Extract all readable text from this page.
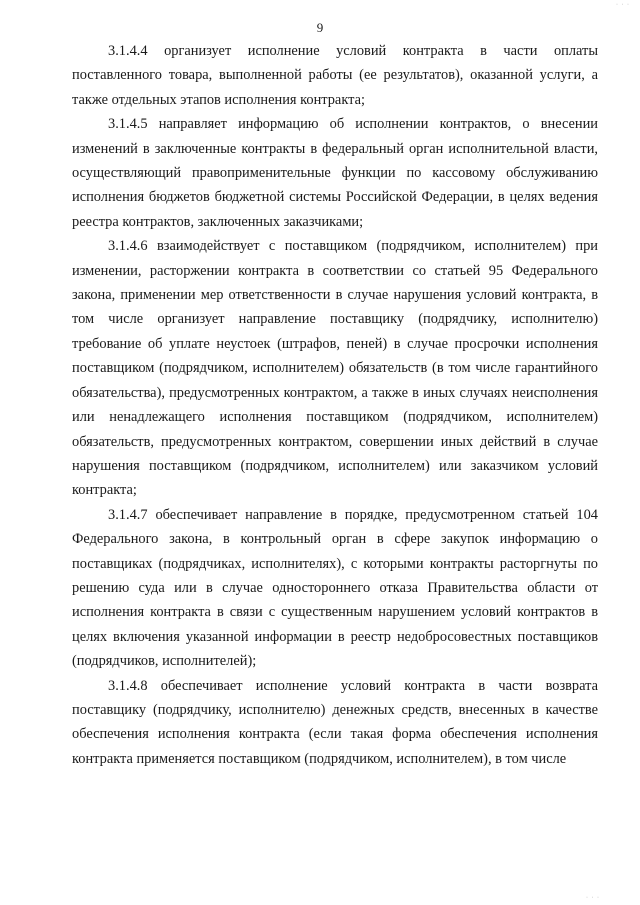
· · ·
9

3.1.4.4 организует исполнение условий контракта в части оплаты поставленного товара, выполненной работы (ее результатов), оказанной услуги, а также отдельных этапов исполнения контракта;

3.1.4.5 направляет информацию об исполнении контрактов, о внесении изменений в заключенные контракты в федеральный орган исполнительной власти, осуществляющий правоприменительные функции по кассовому обслуживанию исполнения бюджетов бюджетной системы Российской Федерации, в целях ведения реестра контрактов, заключенных заказчиками;

3.1.4.6 взаимодействует с поставщиком (подрядчиком, исполнителем) при изменении, расторжении контракта в соответствии со статьей 95 Федерального закона, применении мер ответственности в случае нарушения условий контракта, в том числе организует направление поставщику (подрядчику, исполнителю) требование об уплате неустоек (штрафов, пеней) в случае просрочки исполнения поставщиком (подрядчиком, исполнителем) обязательств (в том числе гарантийного обязательства), предусмотренных контрактом, а также в иных случаях неисполнения или ненадлежащего исполнения поставщиком (подрядчиком, исполнителем) обязательств, предусмотренных контрактом, совершении иных действий в случае нарушения поставщиком (подрядчиком, исполнителем) или заказчиком условий контракта;

3.1.4.7 обеспечивает направление в порядке, предусмотренном статьей 104 Федерального закона, в контрольный орган в сфере закупок информацию о поставщиках (подрядчиках, исполнителях), с которыми контракты расторгнуты по решению суда или в случае одностороннего отказа Правительства области от исполнения контракта в связи с существенным нарушением условий контрактов в целях включения указанной информации в реестр недобросовестных поставщиков (подрядчиков, исполнителей);

3.1.4.8 обеспечивает исполнение условий контракта в части возврата поставщику (подрядчику, исполнителю) денежных средств, внесенных в качестве обеспечения исполнения контракта (если такая форма обеспечения исполнения контракта применяется поставщиком (подрядчиком, исполнителем), в том числе

· · ·
